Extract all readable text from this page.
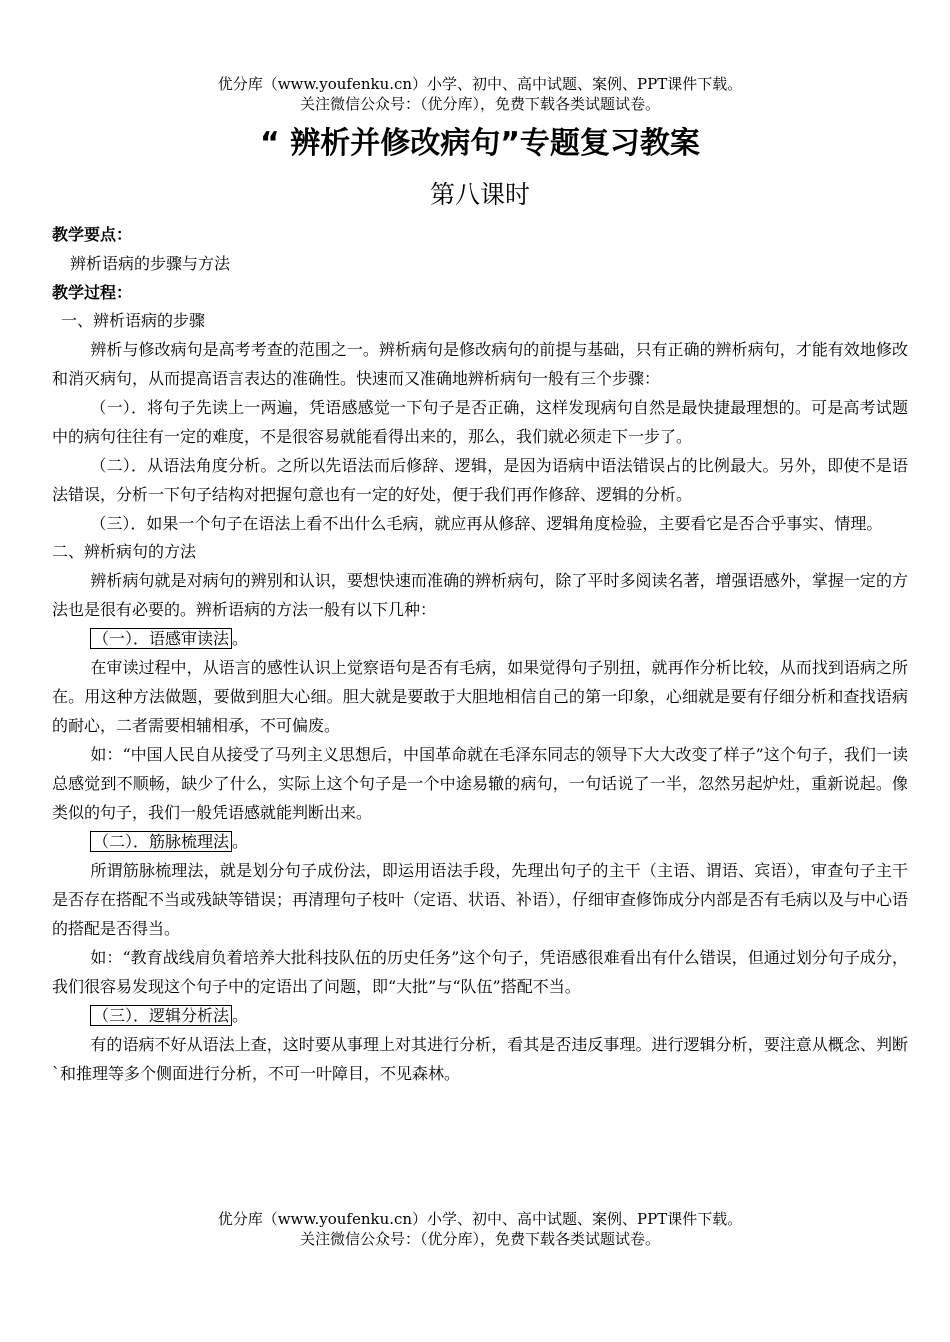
优分库（www.youfenku.cn）小学、初中、高中试题、案例、PPT课件下载。
关注微信公众号：（优分库），免费下载各类试题试卷。
“ 辨析并修改病句”专题复习教案
第八课时
教学要点：
辨析语病的步骤与方法
教学过程：
一、辨析语病的步骤
辨析与修改病句是高考考查的范围之一。辨析病句是修改病句的前提与基础，只有正确的辨析病句，才能有效地修改和消灭病句，从而提高语言表达的准确性。快速而又准确地辨析病句一般有三个步骤：
（一）．将句子先读上一两遍，凭语感感觉一下句子是否正确，这样发现病句自然是最快捷最理想的。可是高考试题中的病句往往有一定的难度，不是很容易就能看得出来的，那么，我们就必须走下一步了。
（二）．从语法角度分析。之所以先语法而后修辞、逻辑，是因为语病中语法错误占的比例最大。另外，即使不是语法错误，分析一下句子结构对把握句意也有一定的好处，便于我们再作修辞、逻辑的分析。
（三）．如果一个句子在语法上看不出什么毛病，就应再从修辞、逻辑角度检验，主要看它是否合乎事实、情理。
二、辨析病句的方法
辨析病句就是对病句的辨别和认识，要想快速而准确的辨析病句，除了平时多阅读名著，增强语感外，掌握一定的方法也是很有必要的。辨析语病的方法一般有以下几种：
（一）．语感审读法 。
在审读过程中，从语言的感性认识上觉察语句是否有毛病，如果觉得句子别扭，就再作分析比较，从而找到语病之所在。用这种方法做题，要做到胆大心细。胆大就是要敢于大胆地相信自己的第一印象，心细就是要有仔细分析和查找语病的耐心，二者需要相辅相承，不可偏废。
如：“中国人民自从接受了马列主义思想后，中国革命就在毛泽东同志的领导下大大改变了样子”这个句子，我们一读总感觉到不顺畅，缺少了什么，实际上这个句子是一个中途易辙的病句，一句话说了一半，忽然另起炉灶，重新说起。像类似的句子，我们一般凭语感就能判断出来。
（二）．筋脉梳理法 。
所谓筋脉梳理法，就是划分句子成份法，即运用语法手段，先理出句子的主干（主语、谓语、宾语），审查句子主干是否存在搭配不当或残缺等错误；再清理句子枝叶（定语、状语、补语），仔细审查修饰成分内部是否有毛病以及与中心语的搭配是否得当。
如：“教育战线肩负着培养大批科技队伍的历史任务”这个句子，凭语感很难看出有什么错误，但通过划分句子成分，我们很容易发现这个句子中的定语出了问题，即“大批”与“队伍”搭配不当。
（三）．逻辑分析法 。
有的语病不好从语法上查，这时要从事理上对其进行分析，看其是否违反事理。进行逻辑分析，要注意从概念、判断`和推理等多个侧面进行分析，不可一叶障目，不见森林。
优分库（www.youfenku.cn）小学、初中、高中试题、案例、PPT课件下载。
关注微信公众号：（优分库），免费下载各类试题试卷。
